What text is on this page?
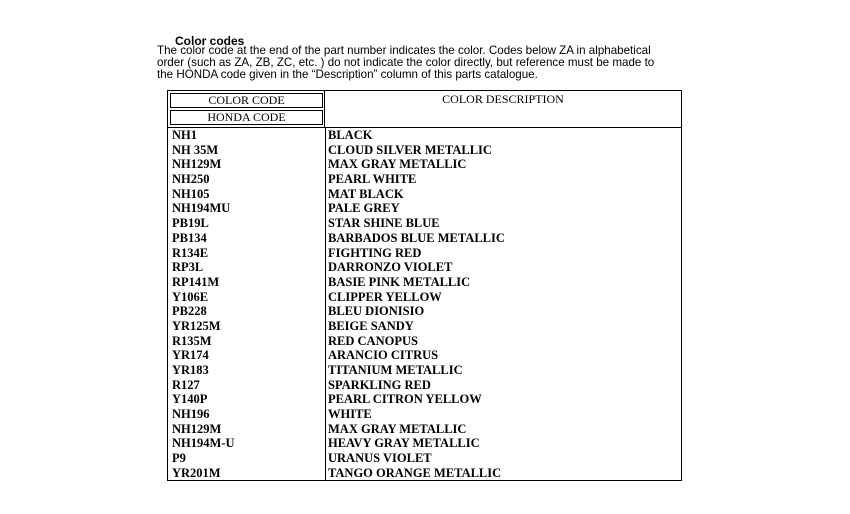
Color codes
The color code at the end of the part number indicates the color. Codes below ZA in alphabetical
order (such as ZA, ZB, ZC, etc. ) do not indicate the color directly, but reference must be made to
the HONDA code given in the “Description” column of this parts catalogue.
COLOR CODE
HONDA CODE
COLOR DESCRIPTION
NH1	BLACK
NH 35M	CLOUD SILVER METALLIC
NH129M	MAX GRAY METALLIC
NH250	PEARL WHITE
NH105	MAT BLACK
NH194MU	PALE GREY
PB19L	STAR SHINE BLUE
PB134	BARBADOS BLUE METALLIC
R134E	FIGHTING RED
RP3L	DARRONZO VIOLET
RP141M	BASIE PINK METALLIC
Y106E	CLIPPER YELLOW
PB228	BLEU DIONISIO
YR125M	BEIGE SANDY
R135M	RED CANOPUS
YR174	ARANCIO CITRUS
YR183	TITANIUM METALLIC
R127	SPARKLING RED
Y140P	PEARL CITRON YELLOW
NH196	WHITE
NH129M	MAX GRAY METALLIC
NH194M-U	HEAVY GRAY METALLIC
P9	URANUS VIOLET
YR201M	TANGO ORANGE METALLIC
